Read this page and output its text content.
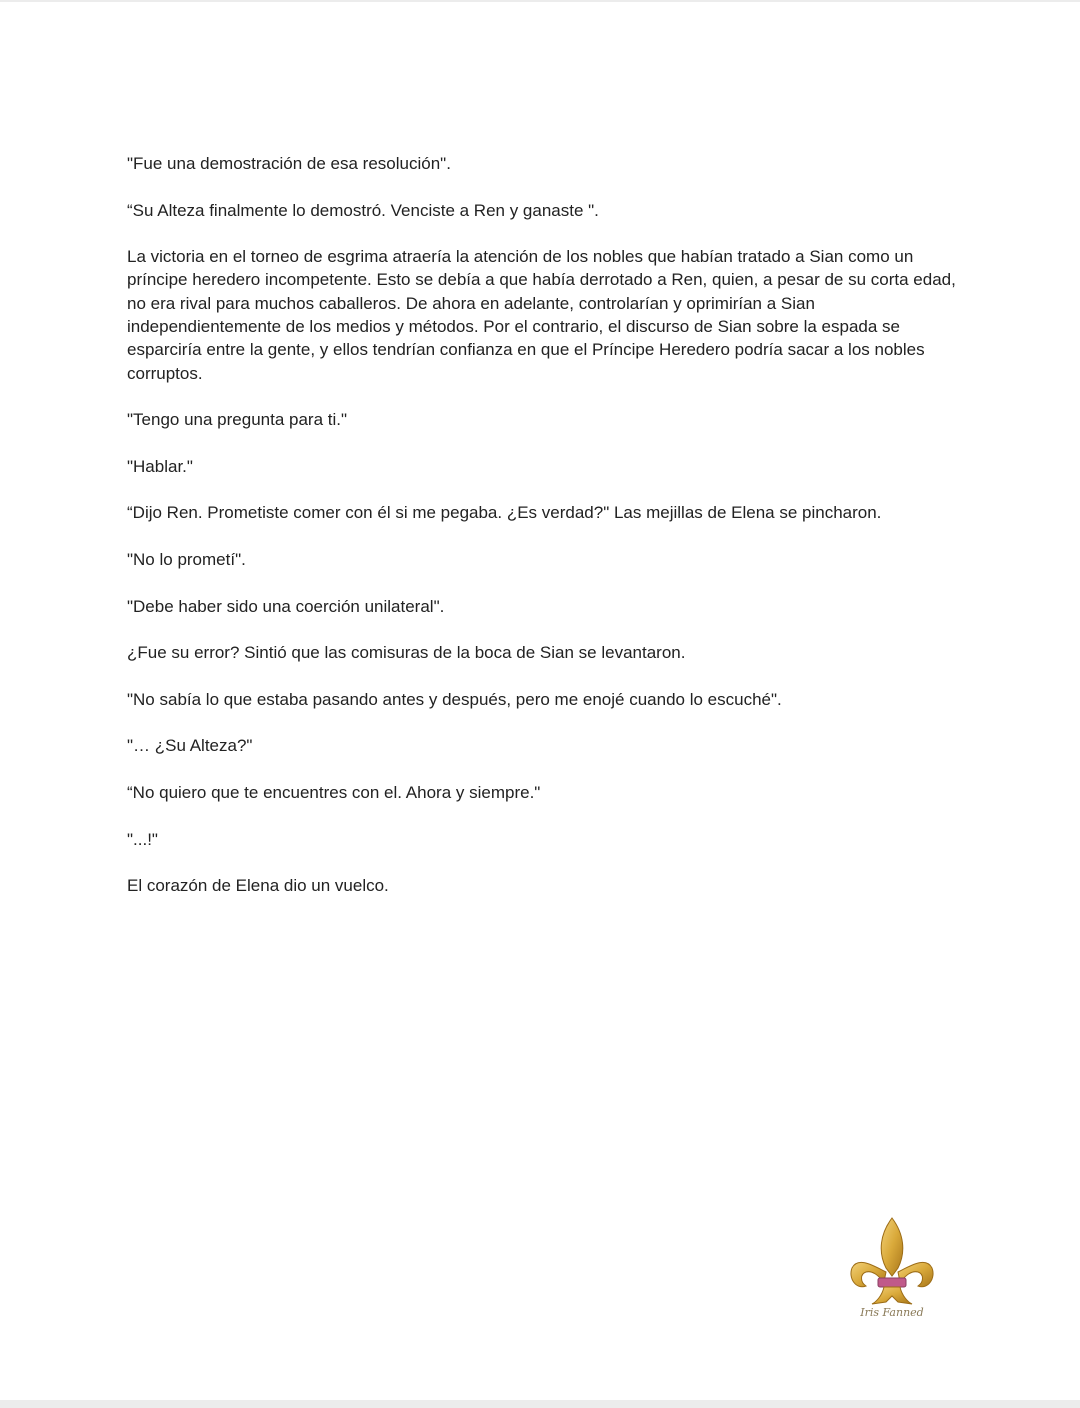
"Fue una demostración de esa resolución".

“Su Alteza finalmente lo demostró. Venciste a Ren y ganaste ".

La victoria en el torneo de esgrima atraería la atención de los nobles que habían tratado a Sian como un príncipe heredero incompetente. Esto se debía a que había derrotado a Ren, quien, a pesar de su corta edad, no era rival para muchos caballeros. De ahora en adelante, controlarían y oprimirían a Sian independientemente de los medios y métodos. Por el contrario, el discurso de Sian sobre la espada se esparciría entre la gente, y ellos tendrían confianza en que el Príncipe Heredero podría sacar a los nobles corruptos.

"Tengo una pregunta para ti."

"Hablar."

“Dijo Ren. Prometiste comer con él si me pegaba. ¿Es verdad?" Las mejillas de Elena se pincharon.

"No lo prometí".

"Debe haber sido una coerción unilateral".

¿Fue su error? Sintió que las comisuras de la boca de Sian se levantaron.

"No sabía lo que estaba pasando antes y después, pero me enojé cuando lo escuché".

"… ¿Su Alteza?"

“No quiero que te encuentres con el. Ahora y siempre."

"...!"

El corazón de Elena dio un vuelco.

Iris Fanned
